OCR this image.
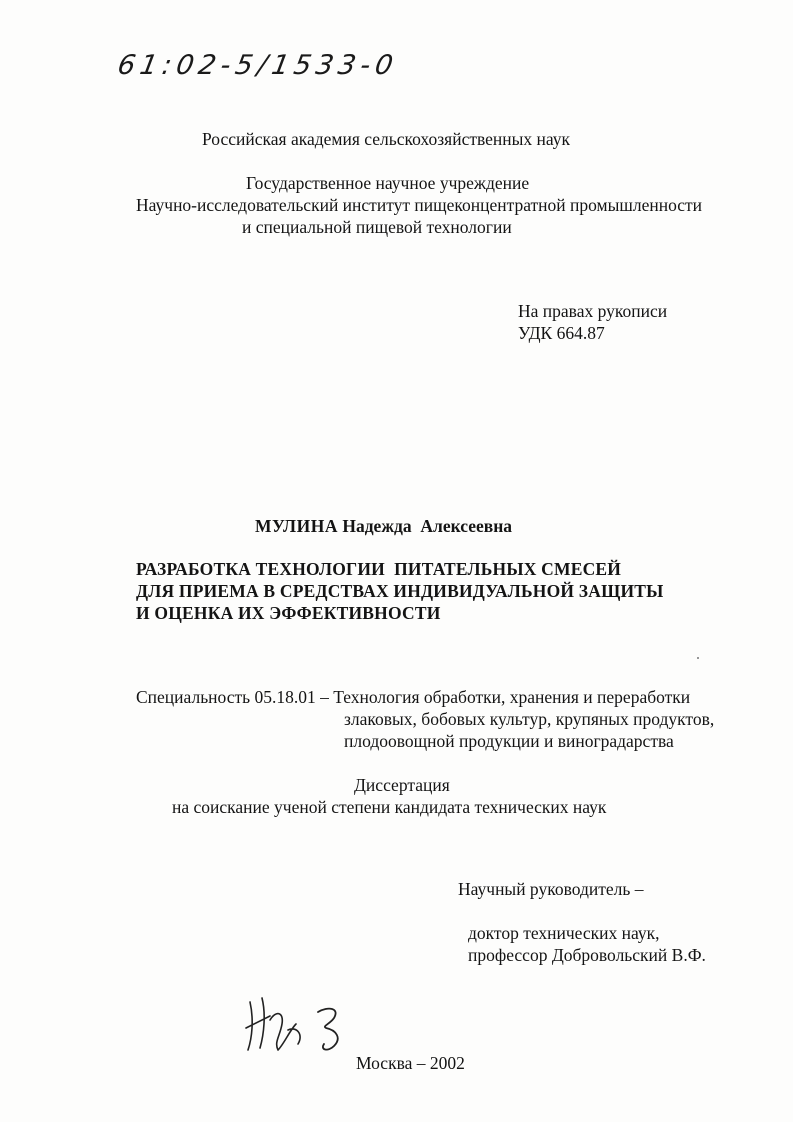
61:02-5/1533-0
Российская академия сельскохозяйственных наук
Государственное научное учреждение
Научно-исследовательский институт пищеконцентратной промышленности
и специальной пищевой технологии
На правах рукописи
УДК 664.87
МУЛИНА Надежда  Алексеевна
РАЗРАБОТКА ТЕХНОЛОГИИ  ПИТАТЕЛЬНЫХ СМЕСЕЙ
ДЛЯ ПРИЕМА В СРЕДСТВАХ ИНДИВИДУАЛЬНОЙ ЗАЩИТЫ
И ОЦЕНКА ИХ ЭФФЕКТИВНОСТИ
Специальность 05.18.01 – Технология обработки, хранения и переработки
злаковых, бобовых культур, крупяных продуктов,
плодоовощной продукции и виноградарства
Диссертация
на соискание ученой степени кандидата технических наук
Научный руководитель –
доктор технических наук,
профессор Добровольский В.Ф.
Москва – 2002
